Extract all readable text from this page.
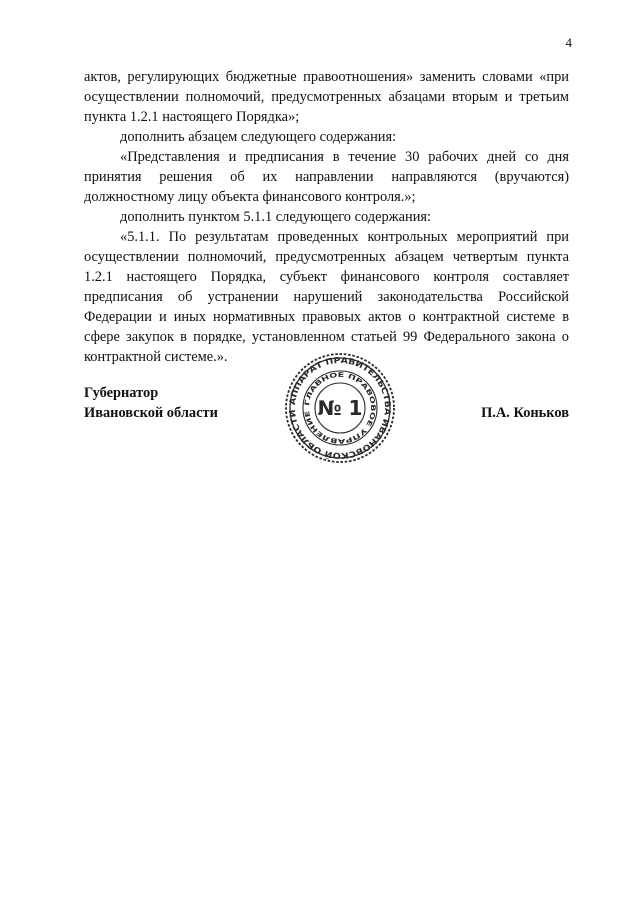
4

актов, регулирующих бюджетные правоотношения» заменить словами «при осуществлении полномочий, предусмотренных абзацами вторым и третьим пункта 1.2.1 настоящего Порядка»;

дополнить абзацем следующего содержания:

«Представления и предписания в течение 30 рабочих дней со дня принятия решения об их направлении направляются (вручаются) должностному лицу объекта финансового контроля.»;

дополнить пунктом 5.1.1 следующего содержания:

«5.1.1. По результатам проведенных контрольных мероприятий при осуществлении полномочий, предусмотренных абзацем четвертым пункта 1.2.1 настоящего Порядка, субъект финансового контроля составляет предписания об устранении нарушений законодательства Российской Федерации и иных нормативных правовых актов о контрактной системе в сфере закупок в порядке, установленном статьей 99 Федерального закона о контрактной системе.».

Губернатор
Ивановской области
АППАРАТ ПРАВИТЕЛЬСТВА ИВАНОВСКОЙ ОБЛАСТИ
ГЛАВНОЕ ПРАВОВОЕ УПРАВЛЕНИЕ № 1	П.А. Коньков
